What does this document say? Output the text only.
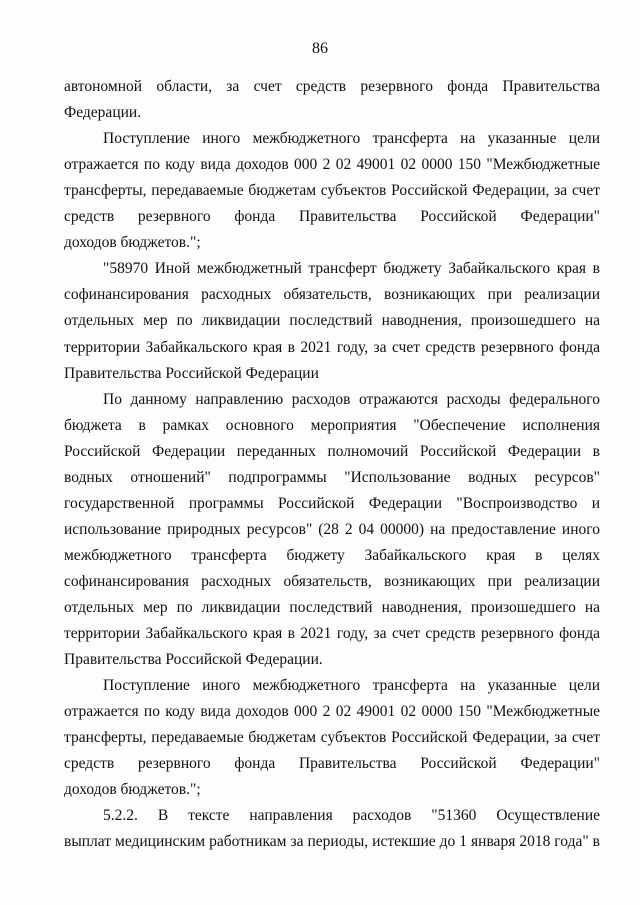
86
автономной области, за счет средств резервного фонда Правительства
Федерации.
Поступление иного межбюджетного трансферта на указанные цели
отражается по коду вида доходов 000 2 02 49001 02 0000 150 "Межбюджетные
трансферты, передаваемые бюджетам субъектов Российской Федерации, за счет
средств резервного фонда Правительства Российской Федерации"
доходов бюджетов.";
"58970 Иной межбюджетный трансферт бюджету Забайкальского края в
софинансирования расходных обязательств, возникающих при реализации
отдельных мер по ликвидации последствий наводнения, произошедшего на
территории Забайкальского края в 2021 году, за счет средств резервного фонда
Правительства Российской Федерации
По данному направлению расходов отражаются расходы федерального
бюджета в рамках основного мероприятия "Обеспечение исполнения
Российской Федерации переданных полномочий Российской Федерации в
водных отношений" подпрограммы "Использование водных ресурсов"
государственной программы Российской Федерации "Воспроизводство и
использование природных ресурсов" (28 2 04 00000) на предоставление иного
межбюджетного трансферта бюджету Забайкальского края в целях
софинансирования расходных обязательств, возникающих при реализации
отдельных мер по ликвидации последствий наводнения, произошедшего на
территории Забайкальского края в 2021 году, за счет средств резервного фонда
Правительства Российской Федерации.
Поступление иного межбюджетного трансферта на указанные цели
отражается по коду вида доходов 000 2 02 49001 02 0000 150 "Межбюджетные
трансферты, передаваемые бюджетам субъектов Российской Федерации, за счет
средств резервного фонда Правительства Российской Федерации"
доходов бюджетов.";
5.2.2. В тексте направления расходов "51360 Осуществление
выплат медицинским работникам за периоды, истекшие до 1 января 2018 года" в
